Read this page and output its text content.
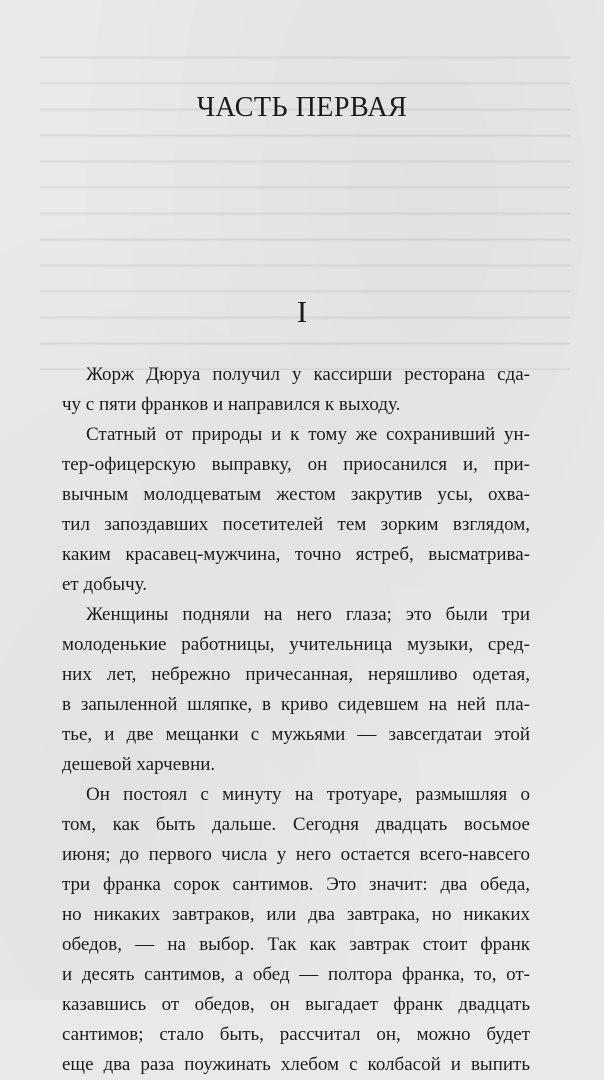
ЧАСТЬ ПЕРВАЯ
I

Жорж Дюруа получил у кассирши ресторана сда-
чу с пяти франков и направился к выходу.

Статный от природы и к тому же сохранивший ун-
тер-офицерскую выправку, он приосанился и, при-
вычным молодцеватым жестом закрутив усы, охва-
тил запоздавших посетителей тем зорким взглядом,
каким красавец-мужчина, точно ястреб, высматрива-
ет добычу.

Женщины подняли на него глаза; это были три
молоденькие работницы, учительница музыки, сред-
них лет, небрежно причесанная, неряшливо одетая,
в запыленной шляпке, в криво сидевшем на ней пла-
тье, и две мещанки с мужьями — завсегдатаи этой
дешевой харчевни.

Он постоял с минуту на тротуаре, размышляя о
том, как быть дальше. Сегодня двадцать восьмое
июня; до первого числа у него остается всего-навсего
три франка сорок сантимов. Это значит: два обеда,
но никаких завтраков, или два завтрака, но никаких
обедов, — на выбор. Так как завтрак стоит франк
и десять сантимов, а обед — полтора франка, то, от-
казавшись от обедов, он выгадает франк двадцать
сантимов; стало быть, рассчитал он, можно будет
еще два раза поужинать хлебом с колбасой и выпить
